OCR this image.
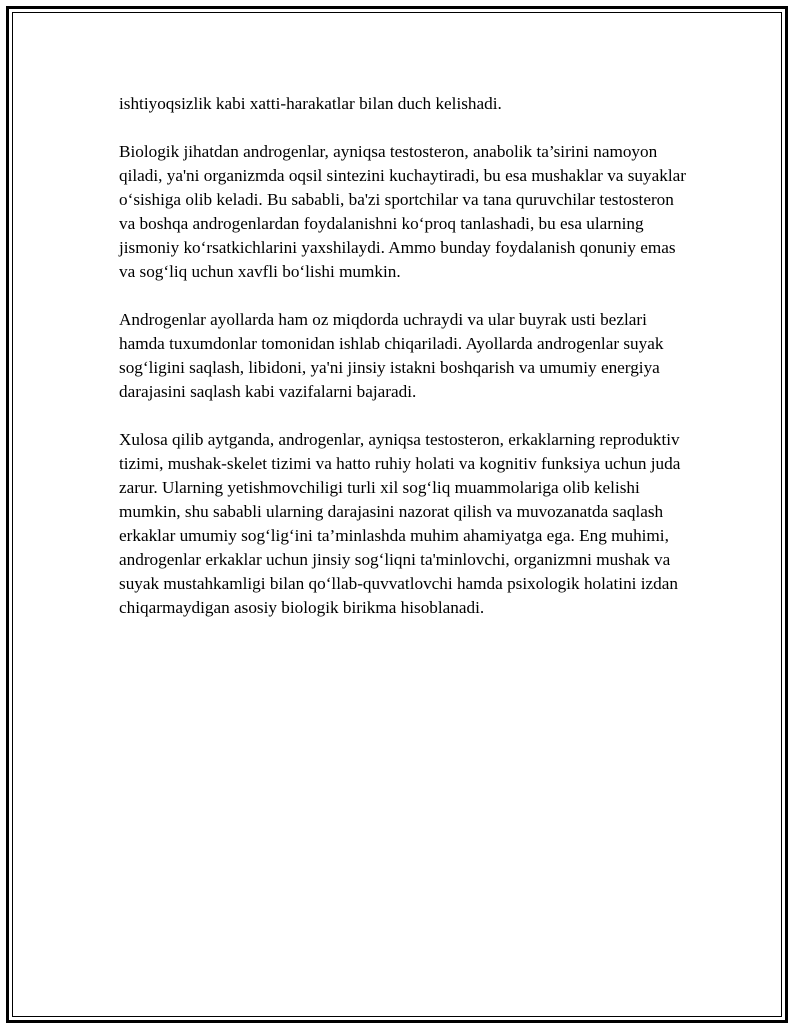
ishtiyoqsizlik kabi xatti-harakatlar bilan duch kelishadi.

Biologik jihatdan androgenlar, ayniqsa testosteron, anabolik ta’sirini namoyon qiladi, ya'ni organizmda oqsil sintezini kuchaytiradi, bu esa mushaklar va suyaklar o‘sishiga olib keladi. Bu sababli, ba'zi sportchilar va tana quruvchilar testosteron va boshqa androgenlardan foydalanishni ko‘proq tanlashadi, bu esa ularning jismoniy ko‘rsatkichlarini yaxshilaydi. Ammo bunday foydalanish qonuniy emas va sog‘liq uchun xavfli bo‘lishi mumkin.

Androgenlar ayollarda ham oz miqdorda uchraydi va ular buyrak usti bezlari hamda tuxumdonlar tomonidan ishlab chiqariladi. Ayollarda androgenlar suyak sog‘ligini saqlash, libidoni, ya'ni jinsiy istakni boshqarish va umumiy energiya darajasini saqlash kabi vazifalarni bajaradi.

Xulosa qilib aytganda, androgenlar, ayniqsa testosteron, erkaklarning reproduktiv tizimi, mushak-skelet tizimi va hatto ruhiy holati va kognitiv funksiya uchun juda zarur. Ularning yetishmovchiligi turli xil sog‘liq muammolariga olib kelishi mumkin, shu sababli ularning darajasini nazorat qilish va muvozanatda saqlash erkaklar umumiy sog‘lig‘ini ta’minlashda muhim ahamiyatga ega. Eng muhimi, androgenlar erkaklar uchun jinsiy sog‘liqni ta'minlovchi, organizmni mushak va suyak mustahkamligi bilan qo‘llab-quvvatlovchi hamda psixologik holatini izdan chiqarmaydigan asosiy biologik birikma hisoblanadi.
